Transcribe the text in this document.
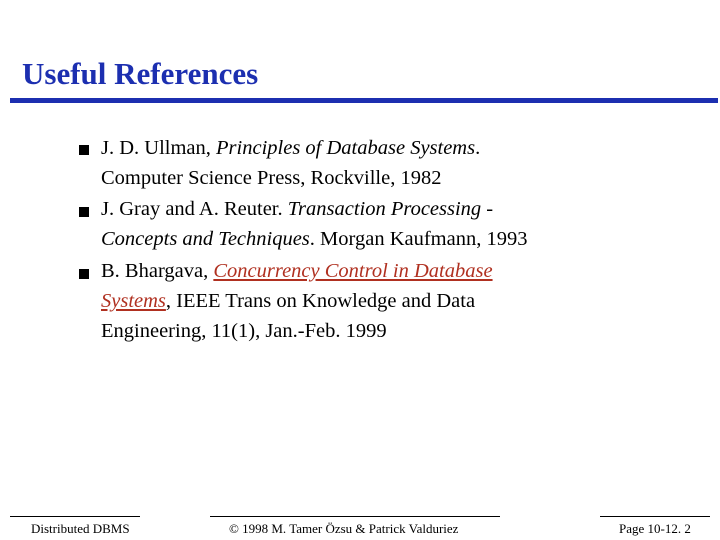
Useful References
J. D. Ullman, Principles of Database Systems.
Computer Science Press, Rockville, 1982
J. Gray and A. Reuter. Transaction Processing -
Concepts and Techniques. Morgan Kaufmann, 1993
B. Bhargava, Concurrency Control in Database
Systems, IEEE Trans on Knowledge and Data
Engineering, 11(1), Jan.-Feb. 1999
Distributed DBMS	© 1998 M. Tamer Özsu & Patrick Valduriez	Page 10-12. 2
